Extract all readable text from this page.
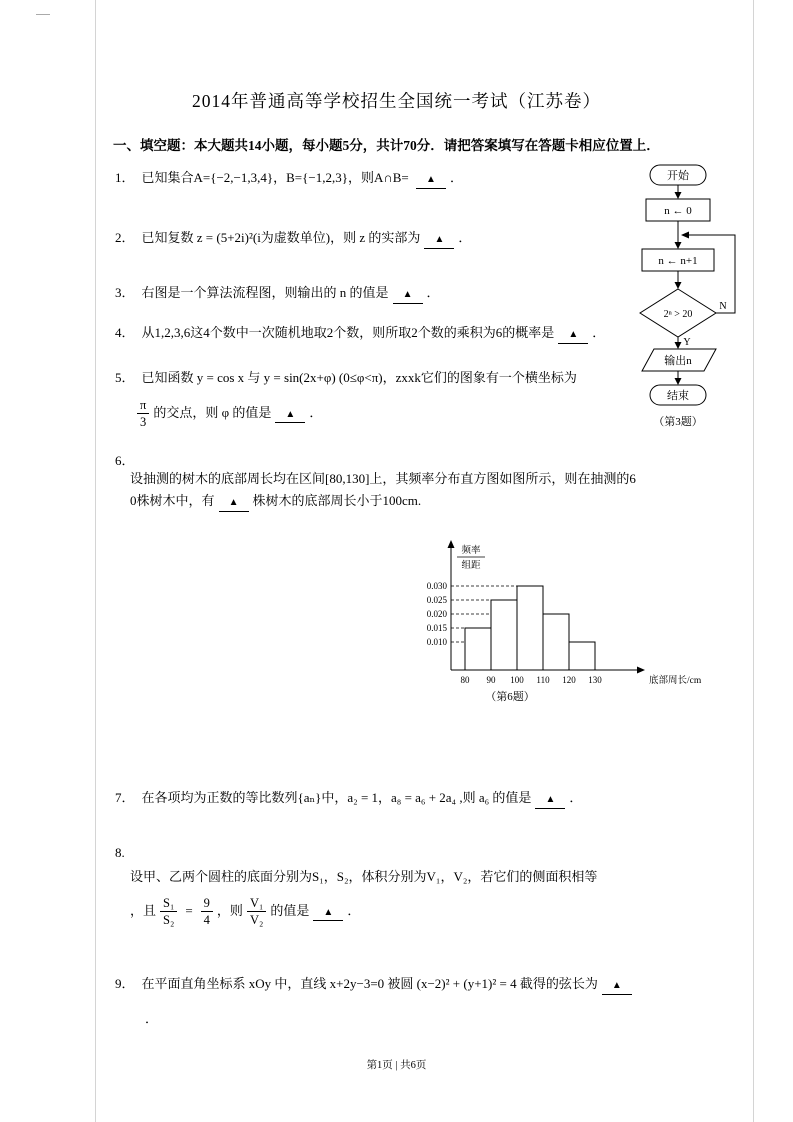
2014年普通高等学校招生全国统一考试（江苏卷）
一、填空题：本大题共14小题，每小题5分，共计70分．请把答案填写在答题卡相应位置上．
1． 已知集合A={−2,−1,3,4}，B={−1,2,3}，则A∩B= ▲ ．
2． 已知复数 z = (5+2i)²(i为虚数单位)，则 z 的实部为 ▲ ．
3． 右图是一个算法流程图，则输出的 n 的值是 ▲ ．
4． 从1,2,3,6这4个数中一次随机地取2个数，则所取2个数的乘积为6的概率是 ▲ ．
5． 已知函数 y = cos x 与 y = sin(2x+φ) (0≤φ<π)，zxxk它们的图象有一个横坐标为
$\frac{\pi}{3}$ 的交点，则 φ 的值是 ▲ ．
6．
设抽测的树木的底部周长均在区间[80,130]上，其频率分布直方图如图所示，则在抽测的6
0株树木中，有 ▲ 株树木的底部周长小于100cm.
0.030
0.025
0.020
0.015
0.010
80 90 100 110 120 130	底部周长/cm
频率
组距
（第6题）
7． 在各项均为正数的等比数列{aₙ}中，a₂ = 1，a₈ = a₆ + 2a₄ ,则 a₆ 的值是 ▲ ．
8.
设甲、乙两个圆柱的底面分别为S₁，S₂，体积分别为V₁，V₂，若它们的侧面积相等
，且 $\frac{\text{S₁}}{\text{S₂}} = \frac{9}{4}$ ，则 $\frac{\text{V₁}}{\text{V₂}}$ 的值是 ▲ ．
9． 在平面直角坐标系 xOy 中，直线 x+2y−3=0 被圆 (x−2)² + (y+1)² = 4 截得的弦长为 ▲
．
开始
n ← 0
n ← n+1
2ⁿ > 20
N
Y
输出n
结束
（第3题）
第1页 | 共6页
